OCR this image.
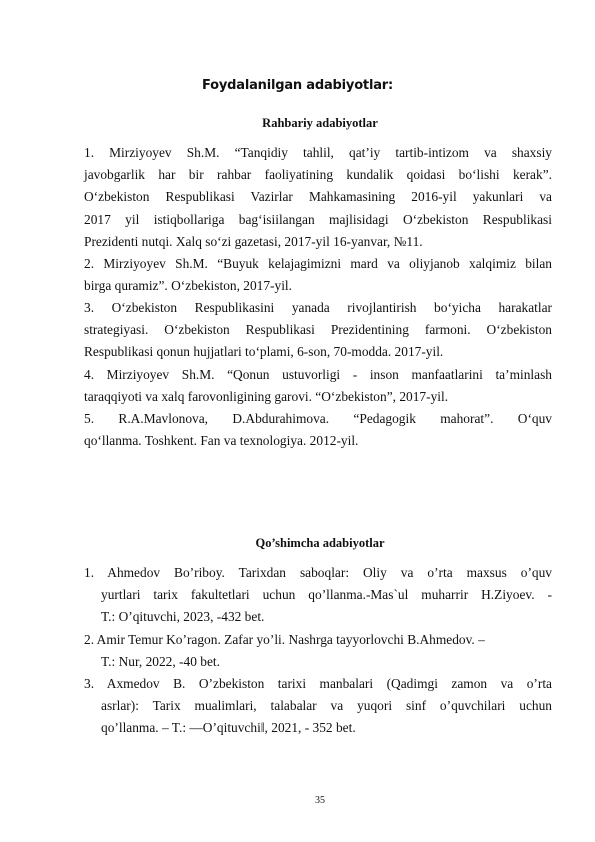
Foydalanilgan adabiyotlar:
Rahbariy adabiyotlar
1. Mirziyoyev Sh.M. “Tanqidiy tahlil, qat’iy tartib-intizom va shaxsiy
javobgarlik har bir rahbar faoliyatining kundalik qoidasi bo‘lishi kerak”.
O‘zbekiston Respublikasi Vazirlar Mahkamasining 2016-yil yakunlari va
2017 yil istiqbollariga bag‘isiilangan majlisidagi O‘zbekiston Respublikasi
Prezidenti nutqi. Xalq so‘zi gazetasi, 2017-yil 16-yanvar, №11.
2. Mirziyoyev Sh.M. “Buyuk kelajagimizni mard va oliyjanob xalqimiz bilan
birga quramiz”. O‘zbekiston, 2017-yil.
3. O‘zbekiston Respublikasini yanada rivojlantirish bo‘yicha harakatlar
strategiyasi. O‘zbekiston Respublikasi Prezidentining farmoni. O‘zbekiston
Respublikasi qonun hujjatlari to‘plami, 6-son, 70-modda. 2017-yil.
4. Mirziyoyev Sh.M. “Qonun ustuvorligi - inson manfaatlarini ta’minlash
taraqqiyoti va xalq farovonligining garovi. “O‘zbekiston”, 2017-yil.
5. R.A.Mavlonova, D.Abdurahimova. “Pedagogik mahorat”. O‘quv
qo‘llanma. Toshkent. Fan va texnologiya. 2012-yil.
Qo’shimcha adabiyotlar
1. Ahmedov Bo’riboy. Tarixdan saboqlar: Oliy va o’rta maxsus o’quv
yurtlari tarix fakultetlari uchun qo’llanma.-Mas`ul muharrir H.Ziyoev. -
T.: O’qituvchi, 2023, -432 bet.
2. Amir Temur Ko’ragon. Zafar yo’li. Nashrga tayyorlovchi B.Ahmedov. –
T.: Nur, 2022, -40 bet.
3. Axmedov B. O’zbekiston tarixi manbalari (Qadimgi zamon va o’rta
asrlar): Tarix mualimlari, talabalar va yuqori sinf o’quvchilari uchun
qo’llanma. – T.: ―O’qituvchi‖, 2021, - 352 bet.
35
